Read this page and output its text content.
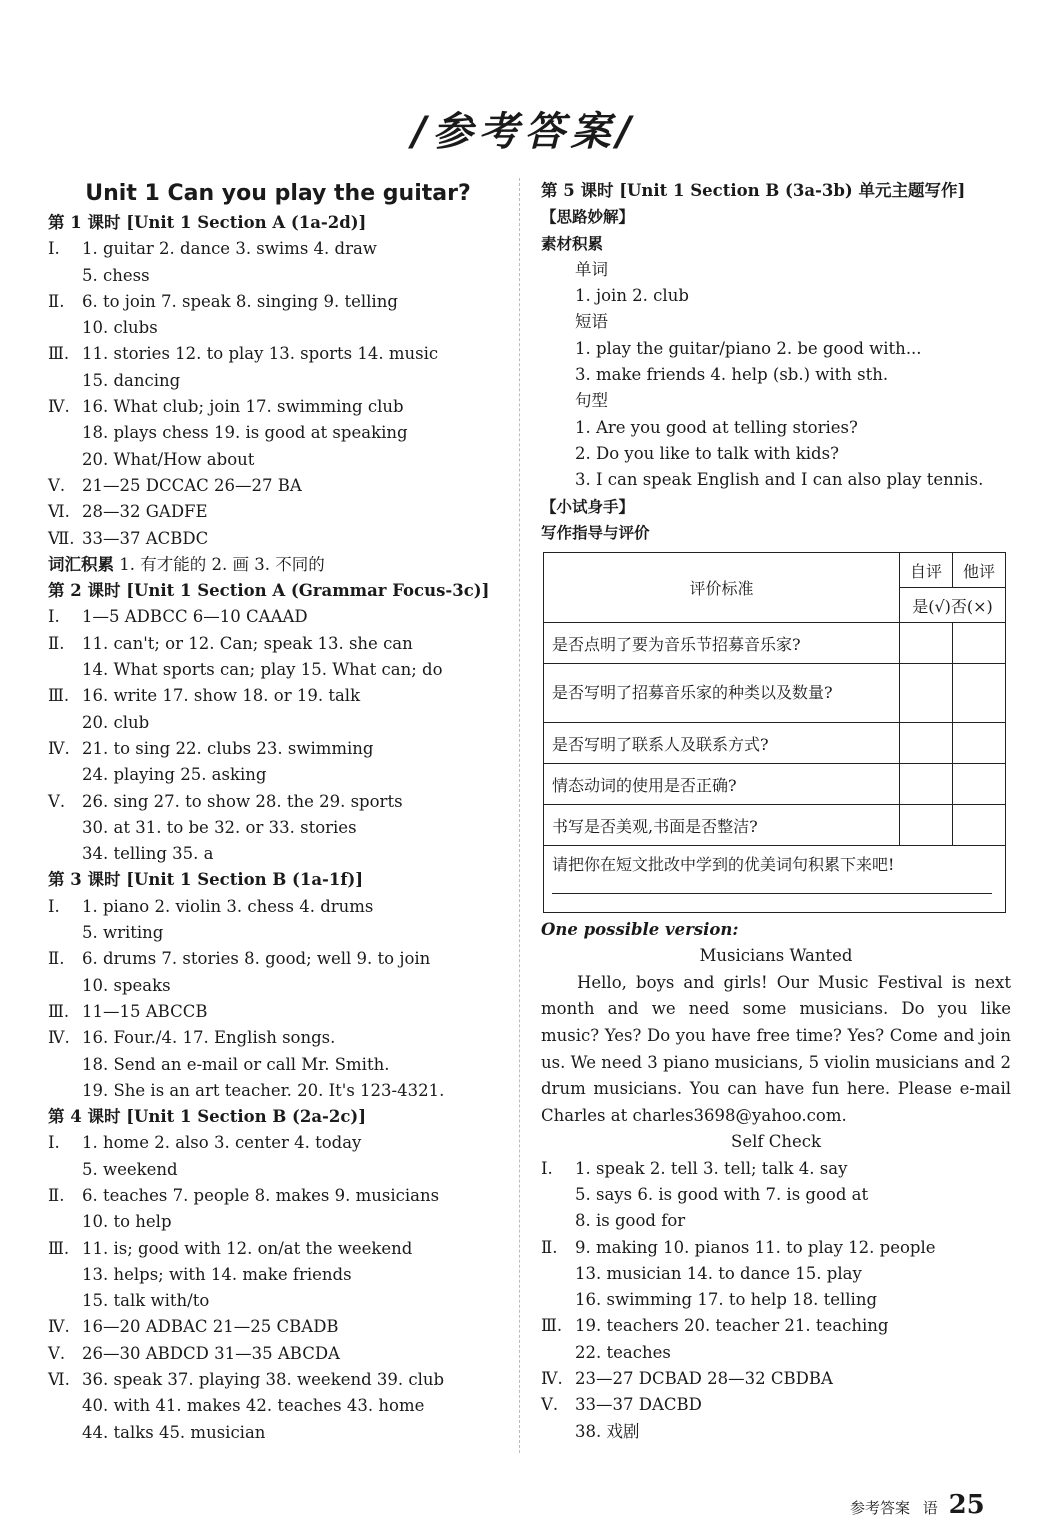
/参考答案/
Unit 1 Can you play the guitar?
第 1 课时 [Unit 1 Section A (1a-2d)]
Ⅰ. 1. guitar 2. dance 3. swims 4. draw
5. chess
Ⅱ. 6. to join 7. speak 8. singing 9. telling
10. clubs
Ⅲ. 11. stories 12. to play 13. sports 14. music
15. dancing
Ⅳ. 16. What club; join 17. swimming club
18. plays chess 19. is good at speaking
20. What/How about
Ⅴ. 21—25 DCCAC 26—27 BA
Ⅵ. 28—32 GADFE
Ⅶ. 33—37 ACBDC
词汇积累 1. 有才能的 2. 画 3. 不同的
第 2 课时 [Unit 1 Section A (Grammar Focus-3c)]
Ⅰ. 1—5 ADBCC 6—10 CAAAD
Ⅱ. 11. can't; or 12. Can; speak 13. she can
14. What sports can; play 15. What can; do
Ⅲ. 16. write 17. show 18. or 19. talk
20. club
Ⅳ. 21. to sing 22. clubs 23. swimming
24. playing 25. asking
Ⅴ. 26. sing 27. to show 28. the 29. sports
30. at 31. to be 32. or 33. stories
34. telling 35. a
第 3 课时 [Unit 1 Section B (1a-1f)]
Ⅰ. 1. piano 2. violin 3. chess 4. drums
5. writing
Ⅱ. 6. drums 7. stories 8. good; well 9. to join
10. speaks
Ⅲ. 11—15 ABCCB
Ⅳ. 16. Four./4. 17. English songs.
18. Send an e-mail or call Mr. Smith.
19. She is an art teacher. 20. It's 123-4321.
第 4 课时 [Unit 1 Section B (2a-2c)]
Ⅰ. 1. home 2. also 3. center 4. today
5. weekend
Ⅱ. 6. teaches 7. people 8. makes 9. musicians
10. to help
Ⅲ. 11. is; good with 12. on/at the weekend
13. helps; with 14. make friends
15. talk with/to
Ⅳ. 16—20 ADBAC 21—25 CBADB
Ⅴ. 26—30 ABDCD 31—35 ABCDA
Ⅵ. 36. speak 37. playing 38. weekend 39. club
40. with 41. makes 42. teaches 43. home
44. talks 45. musician
第 5 课时 [Unit 1 Section B (3a-3b) 单元主题写作]
【思路妙解】
素材积累
单词
1. join 2. club
短语
1. play the guitar/piano 2. be good with...
3. make friends 4. help (sb.) with sth.
句型
1. Are you good at telling stories?
2. Do you like to talk with kids?
3. I can speak English and I can also play tennis.
【小试身手】
写作指导与评价
评价标准	自评	他评
	是(√)否(×)	
是否点明了要为音乐节招募音乐家?		
是否写明了招募音乐家的种类以及数量?		
是否写明了联系人及联系方式?		
情态动词的使用是否正确?		
书写是否美观,书面是否整洁?		
请把你在短文批改中学到的优美词句积累下来吧!		
One possible version:
Musicians Wanted

Hello, boys and girls! Our Music Festival is next month and we need some musicians. Do you like music? Yes? Do you have free time? Yes? Come and join us. We need 3 piano musicians, 5 violin musicians and 2 drum musicians. You can have fun here. Please e-mail Charles at charles3698@yahoo.com.

Self Check
Ⅰ. 1. speak 2. tell 3. tell; talk 4. say
5. says 6. is good with 7. is good at
8. is good for
Ⅱ. 9. making 10. pianos 11. to play 12. people
13. musician 14. to dance 15. play
16. swimming 17. to help 18. telling
Ⅲ. 19. teachers 20. teacher 21. teaching
22. teaches
Ⅳ. 23—27 DCBAD 28—32 CBDBA
Ⅴ. 33—37 DACBD
38. 戏剧
参考答案 语 25
